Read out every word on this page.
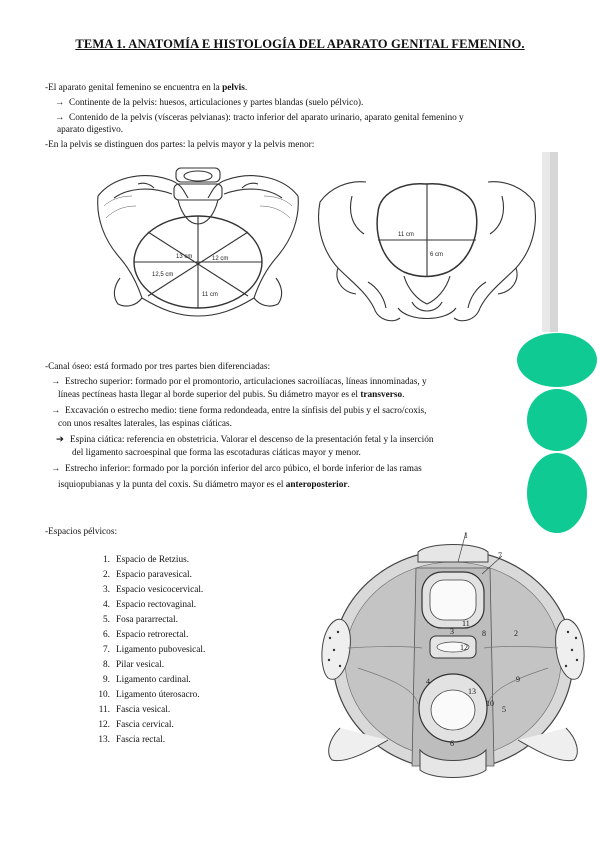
TEMA 1. ANATOMÍA E HISTOLOGÍA DEL APARATO GENITAL FEMENINO.
-El aparato genital femenino se encuentra en la pelvis.
→ Continente de la pelvis: huesos, articulaciones y partes blandas (suelo pélvico).
→ Contenido de la pelvis (vísceras pelvianas): tracto inferior del aparato urinario, aparato genital femenino y
aparato digestivo.
-En la pelvis se distinguen dos partes: la pelvis mayor y la pelvis menor:
13 cm
11 cm
12,5 cm
12 cm
11 cm
6 cm
-Canal óseo: está formado por tres partes bien diferenciadas:
→ Estrecho superior: formado por el promontorio, articulaciones sacroilíacas, líneas innominadas, y
líneas pectíneas hasta llegar al borde superior del pubis. Su diámetro mayor es el transverso.
→ Excavación o estrecho medio: tiene forma redondeada, entre la sínfisis del pubis y el sacro/coxis,
con unos resaltes laterales, las espinas ciáticas.
➔ Espina ciática: referencia en obstetricia. Valorar el descenso de la presentación fetal y la inserción
del ligamento sacroespinal que forma las escotaduras ciáticas mayor y menor.
→ Estrecho inferior: formado por la porción inferior del arco púbico, el borde inferior de las ramas
isquiopubianas y la punta del coxis. Su diámetro mayor es el anteroposterior.
-Espacios pélvicos:
1. Espacio de Retzius.
2. Espacio paravesical.
3. Espacio vesicocervical.
4. Espacio rectovaginal.
5. Fosa pararrectal.
6. Espacio retrorectal.
7. Ligamento pubovesical.
8. Pilar vesical.
9. Ligamento cardinal.
10. Ligamento úterosacro.
11. Fascia vesical.
12. Fascia cervical.
13. Fascia rectal.
1
7
11
3	8	2
12
4
13
9
10
5
6
